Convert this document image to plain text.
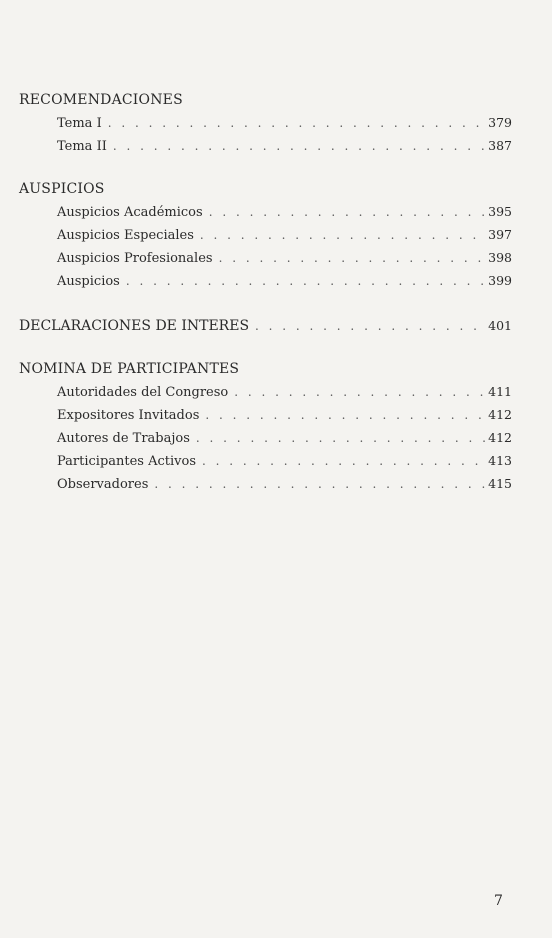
RECOMENDACIONES
Tema I . . .	379
Tema II . . .	387
AUSPICIOS
Auspicios Académicos . . .	395
Auspicios Especiales . . .	397
Auspicios Profesionales . . .	398
Auspicios . . .	399
DECLARACIONES DE INTERES . . .	401
NOMINA DE PARTICIPANTES
Autoridades del Congreso . . .	411
Expositores Invitados . . .	412
Autores de Trabajos . . .	412
Participantes Activos . . .	413
Observadores . . .	415
7
